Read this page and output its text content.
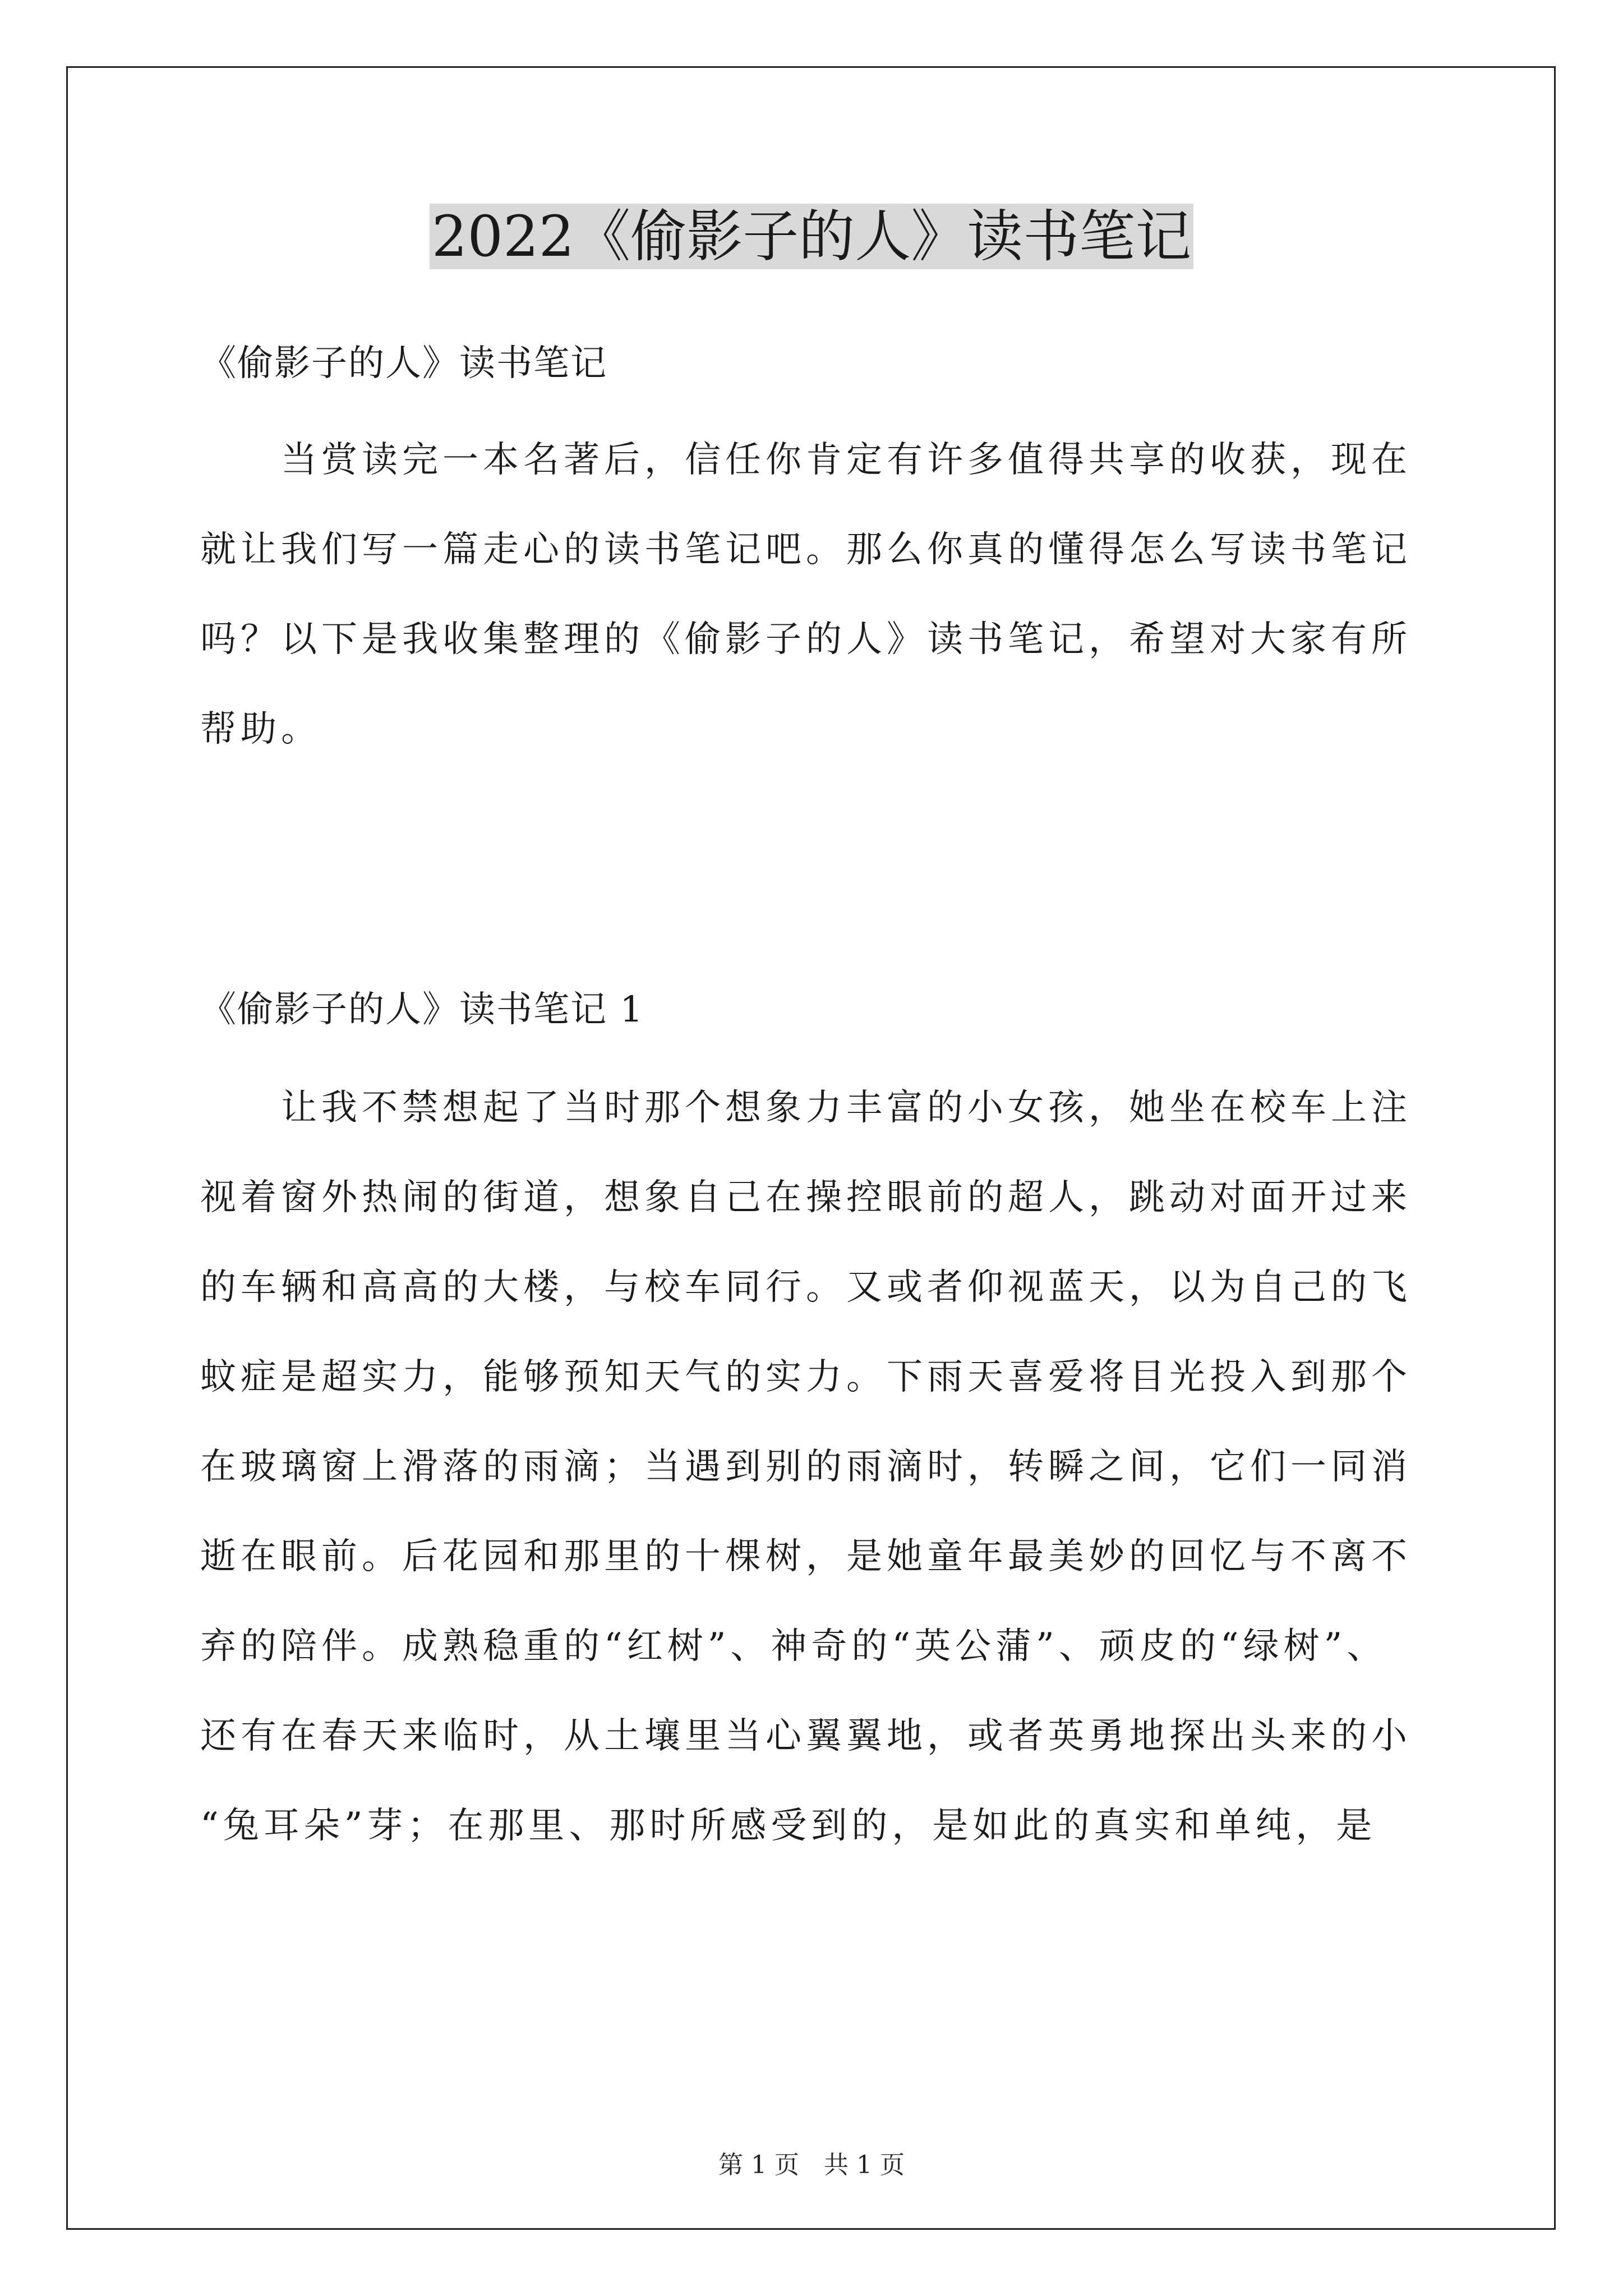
2022《偷影子的人》读书笔记

《偷影子的人》读书笔记

　　当赏读完一本名著后，信任你肯定有许多值得共享的收获，现在

就让我们写一篇走心的读书笔记吧。那么你真的懂得怎么写读书笔记

吗？以下是我收集整理的《偷影子的人》读书笔记，希望对大家有所

帮助。

《偷影子的人》读书笔记 1

　　让我不禁想起了当时那个想象力丰富的小女孩，她坐在校车上注

视着窗外热闹的街道，想象自己在操控眼前的超人，跳动对面开过来

的车辆和高高的大楼，与校车同行。又或者仰视蓝天，以为自己的飞

蚊症是超实力，能够预知天气的实力。下雨天喜爱将目光投入到那个

在玻璃窗上滑落的雨滴；当遇到别的雨滴时，转瞬之间，它们一同消

逝在眼前。后花园和那里的十棵树，是她童年最美妙的回忆与不离不

弃的陪伴。成熟稳重的“红树”、神奇的“英公蒲”、顽皮的“绿树”、

还有在春天来临时，从土壤里当心翼翼地，或者英勇地探出头来的小

“兔耳朵”芽；在那里、那时所感受到的，是如此的真实和单纯，是

第 1 页　共 1 页
